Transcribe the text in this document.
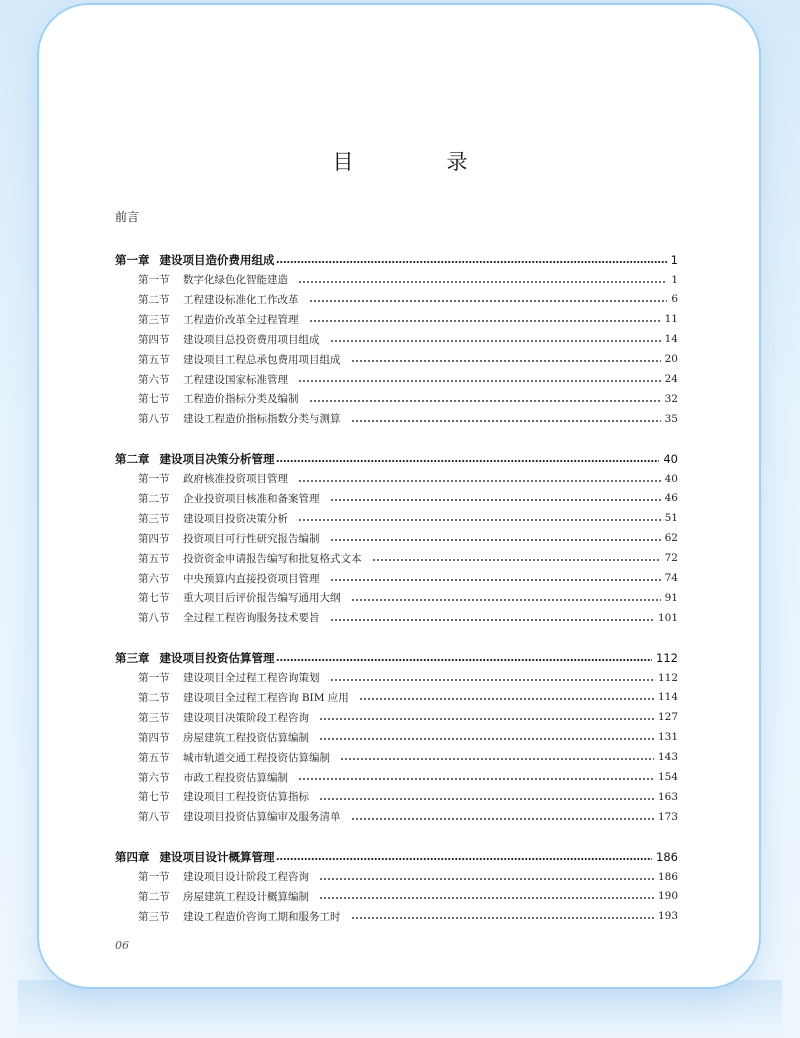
目　录
前言
第一章 建设项目造价费用组成	1
第一节	数字化绿色化智能建造	1
第二节	工程建设标准化工作改革	6
第三节	工程造价改革全过程管理	11
第四节	建设项目总投资费用项目组成	14
第五节	建设项目工程总承包费用项目组成	20
第六节	工程建设国家标准管理	24
第七节	工程造价指标分类及编制	32
第八节	建设工程造价指标指数分类与测算	35
第二章 建设项目决策分析管理	40
第一节	政府核准投资项目管理	40
第二节	企业投资项目核准和备案管理	46
第三节	建设项目投资决策分析	51
第四节	投资项目可行性研究报告编制	62
第五节	投资资金申请报告编写和批复格式文本	72
第六节	中央预算内直接投资项目管理	74
第七节	重大项目后评价报告编写通用大纲	91
第八节	全过程工程咨询服务技术要旨	101
第三章 建设项目投资估算管理	112
第一节	建设项目全过程工程咨询策划	112
第二节	建设项目全过程工程咨询 BIM 应用	114
第三节	建设项目决策阶段工程咨询	127
第四节	房屋建筑工程投资估算编制	131
第五节	城市轨道交通工程投资估算编制	143
第六节	市政工程投资估算编制	154
第七节	建设项目工程投资估算指标	163
第八节	建设项目投资估算编审及服务清单	173
第四章 建设项目设计概算管理	186
第一节	建设项目设计阶段工程咨询	186
第二节	房屋建筑工程设计概算编制	190
第三节	建设工程造价咨询工期和服务工时	193
06
